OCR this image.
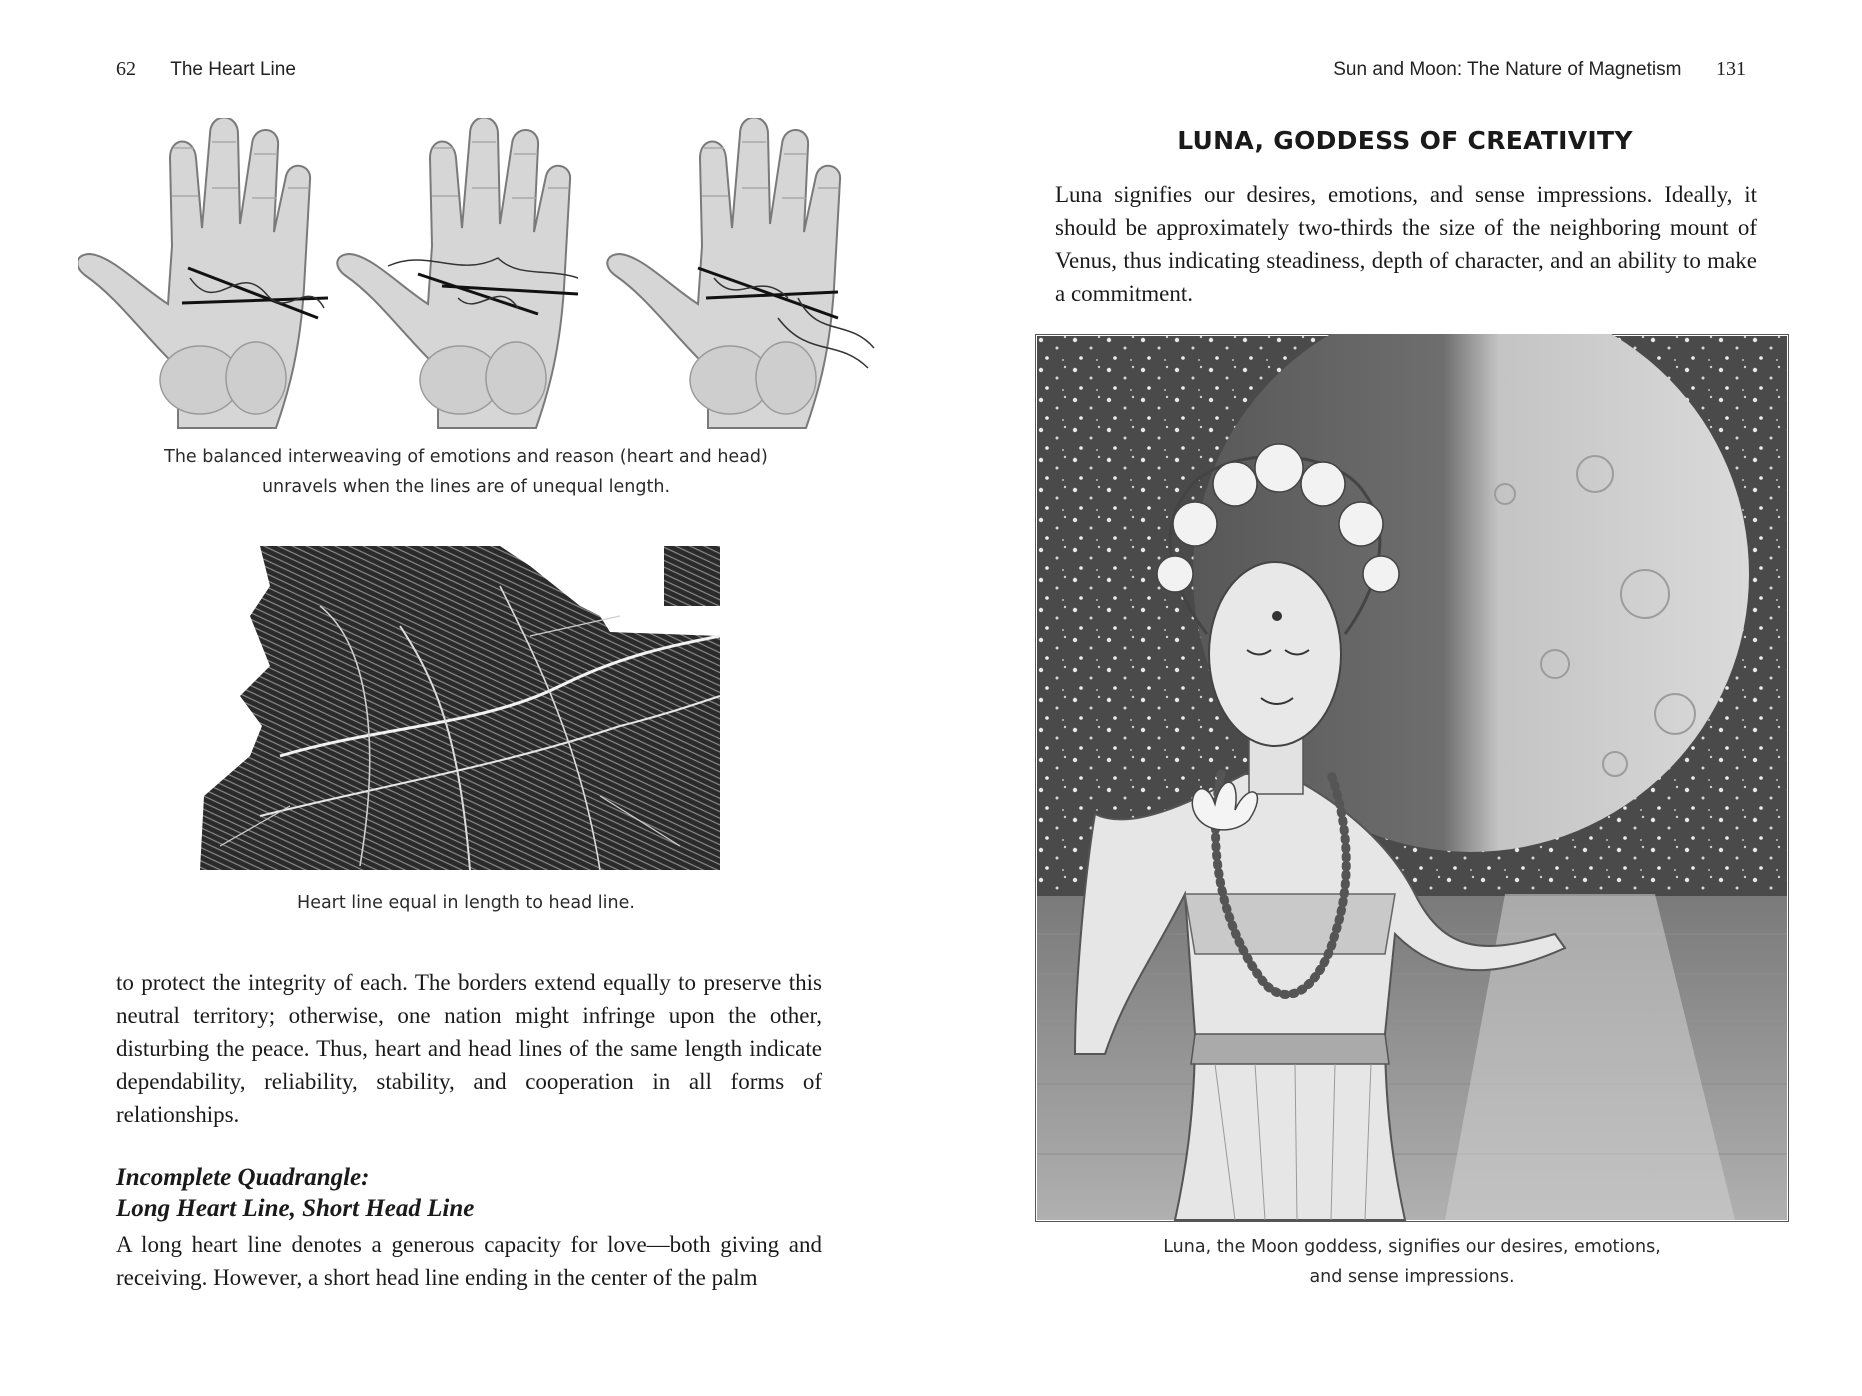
62 The Heart Line
The balanced interweaving of emotions and reason (heart and head)
unravels when the lines are of unequal length.
Heart line equal in length to head line.

to protect the integrity of each. The borders extend equally to preserve this neutral territory; otherwise, one nation might infringe upon the other, disturbing the peace. Thus, heart and head lines of the same length indicate dependability, reliability, stability, and cooperation in all forms of relationships.

Incomplete Quadrangle:
Long Heart Line, Short Head Line

A long heart line denotes a generous capacity for love—both giving and receiving. However, a short head line ending in the center of the palm

Sun and Moon: The Nature of Magnetism 131
LUNA, GODDESS OF CREATIVITY

Luna signifies our desires, emotions, and sense impressions. Ideally, it should be approximately two-thirds the size of the neighboring mount of Venus, thus indicating steadiness, depth of character, and an ability to make a commitment.

Luna, the Moon goddess, signifies our desires, emotions,
and sense impressions.
